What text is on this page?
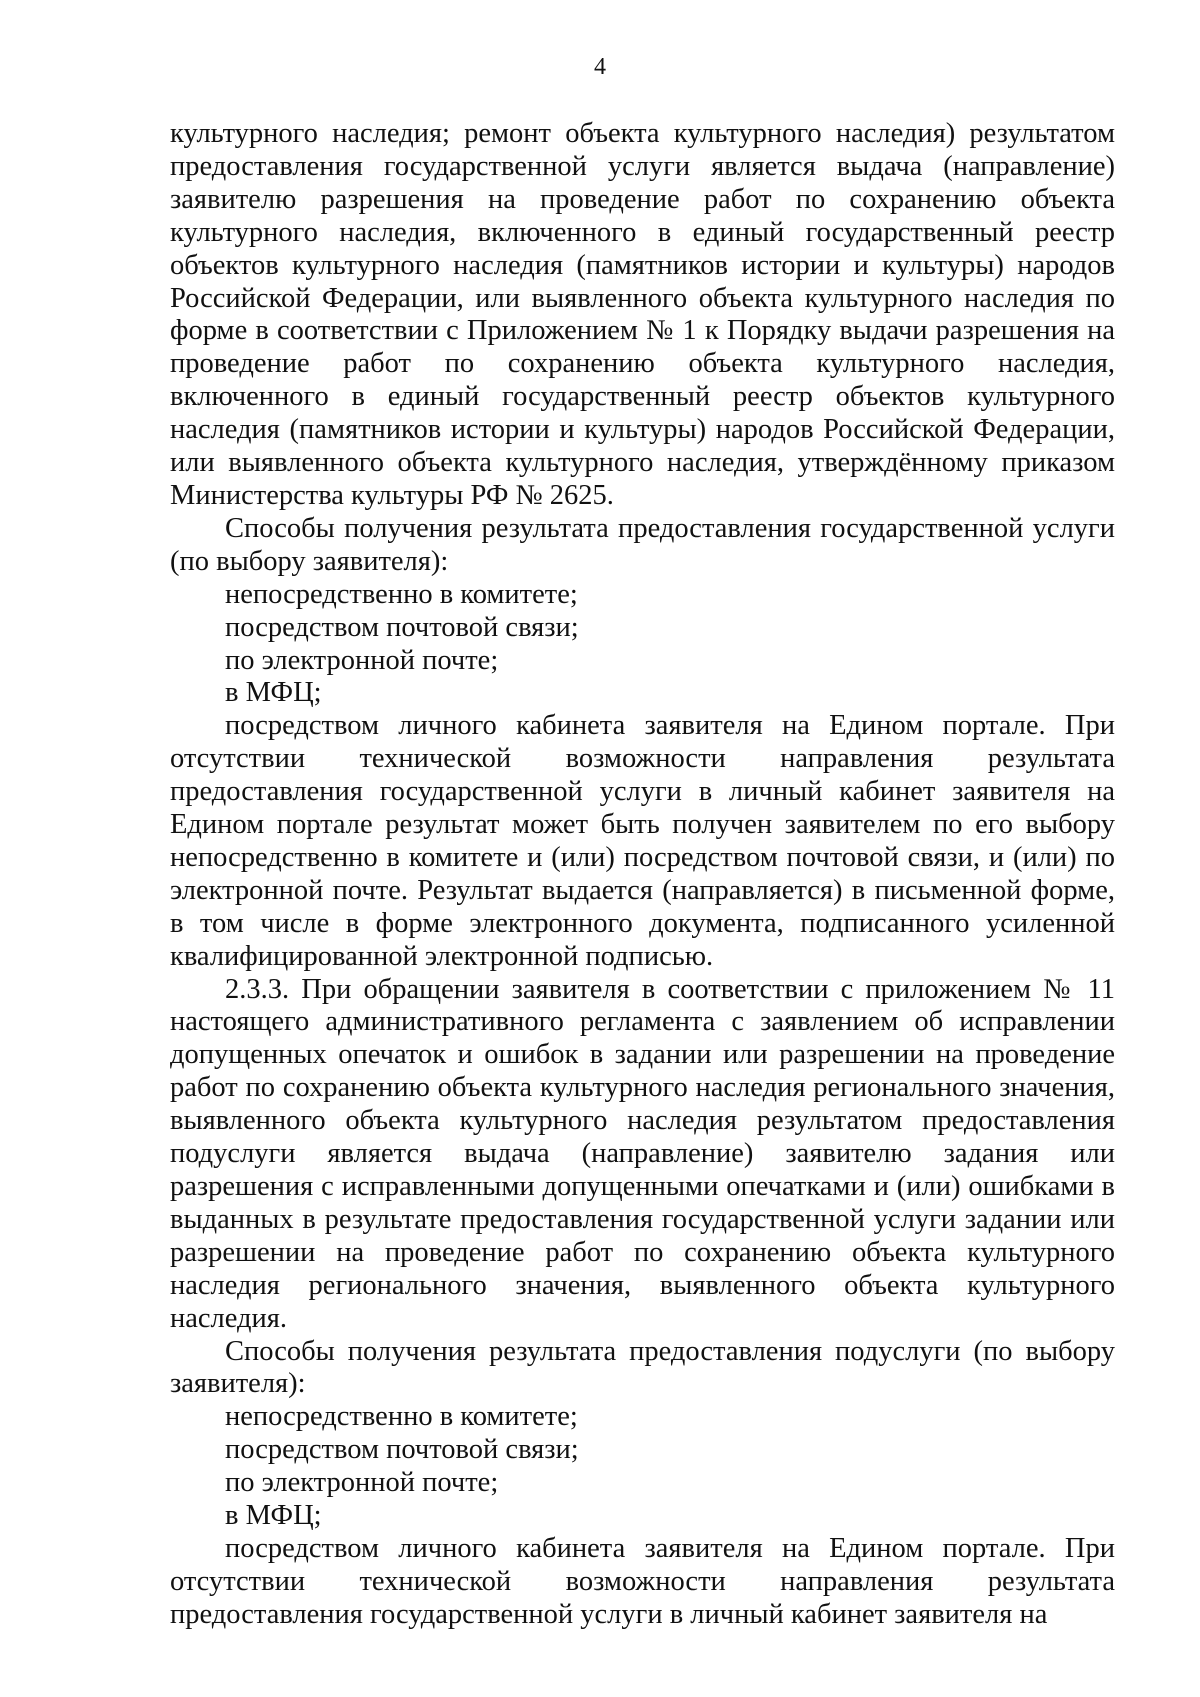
4

культурного наследия; ремонт объекта культурного наследия) результатом предоставления государственной услуги является выдача (направление) заявителю разрешения на проведение работ по сохранению объекта культурного наследия, включенного в единый государственный реестр объектов культурного наследия (памятников истории и культуры) народов Российской Федерации, или выявленного объекта культурного наследия по форме в соответствии с Приложением № 1 к Порядку выдачи разрешения на проведение работ по сохранению объекта культурного наследия, включенного в единый государственный реестр объектов культурного наследия (памятников истории и культуры) народов Российской Федерации, или выявленного объекта культурного наследия, утверждённому приказом Министерства культуры РФ № 2625.

Способы получения результата предоставления государственной услуги (по выбору заявителя):

непосредственно в комитете;

посредством почтовой связи;

по электронной почте;

в МФЦ;

посредством личного кабинета заявителя на Едином портале. При отсутствии технической возможности направления результата предоставления государственной услуги в личный кабинет заявителя на Едином портале результат может быть получен заявителем по его выбору непосредственно в комитете и (или) посредством почтовой связи, и (или) по электронной почте. Результат выдается (направляется) в письменной форме, в том числе в форме электронного документа, подписанного усиленной квалифицированной электронной подписью.

2.3.3. При обращении заявителя в соответствии с приложением № 11 настоящего административного регламента с заявлением об исправлении допущенных опечаток и ошибок в задании или разрешении на проведение работ по сохранению объекта культурного наследия регионального значения, выявленного объекта культурного наследия результатом предоставления подуслуги является выдача (направление) заявителю задания или разрешения с исправленными допущенными опечатками и (или) ошибками в выданных в результате предоставления государственной услуги задании или разрешении на проведение работ по сохранению объекта культурного наследия регионального значения, выявленного объекта культурного наследия.

Способы получения результата предоставления подуслуги (по выбору заявителя):

непосредственно в комитете;

посредством почтовой связи;

по электронной почте;

в МФЦ;

посредством личного кабинета заявителя на Едином портале. При отсутствии технической возможности направления результата предоставления государственной услуги в личный кабинет заявителя на
